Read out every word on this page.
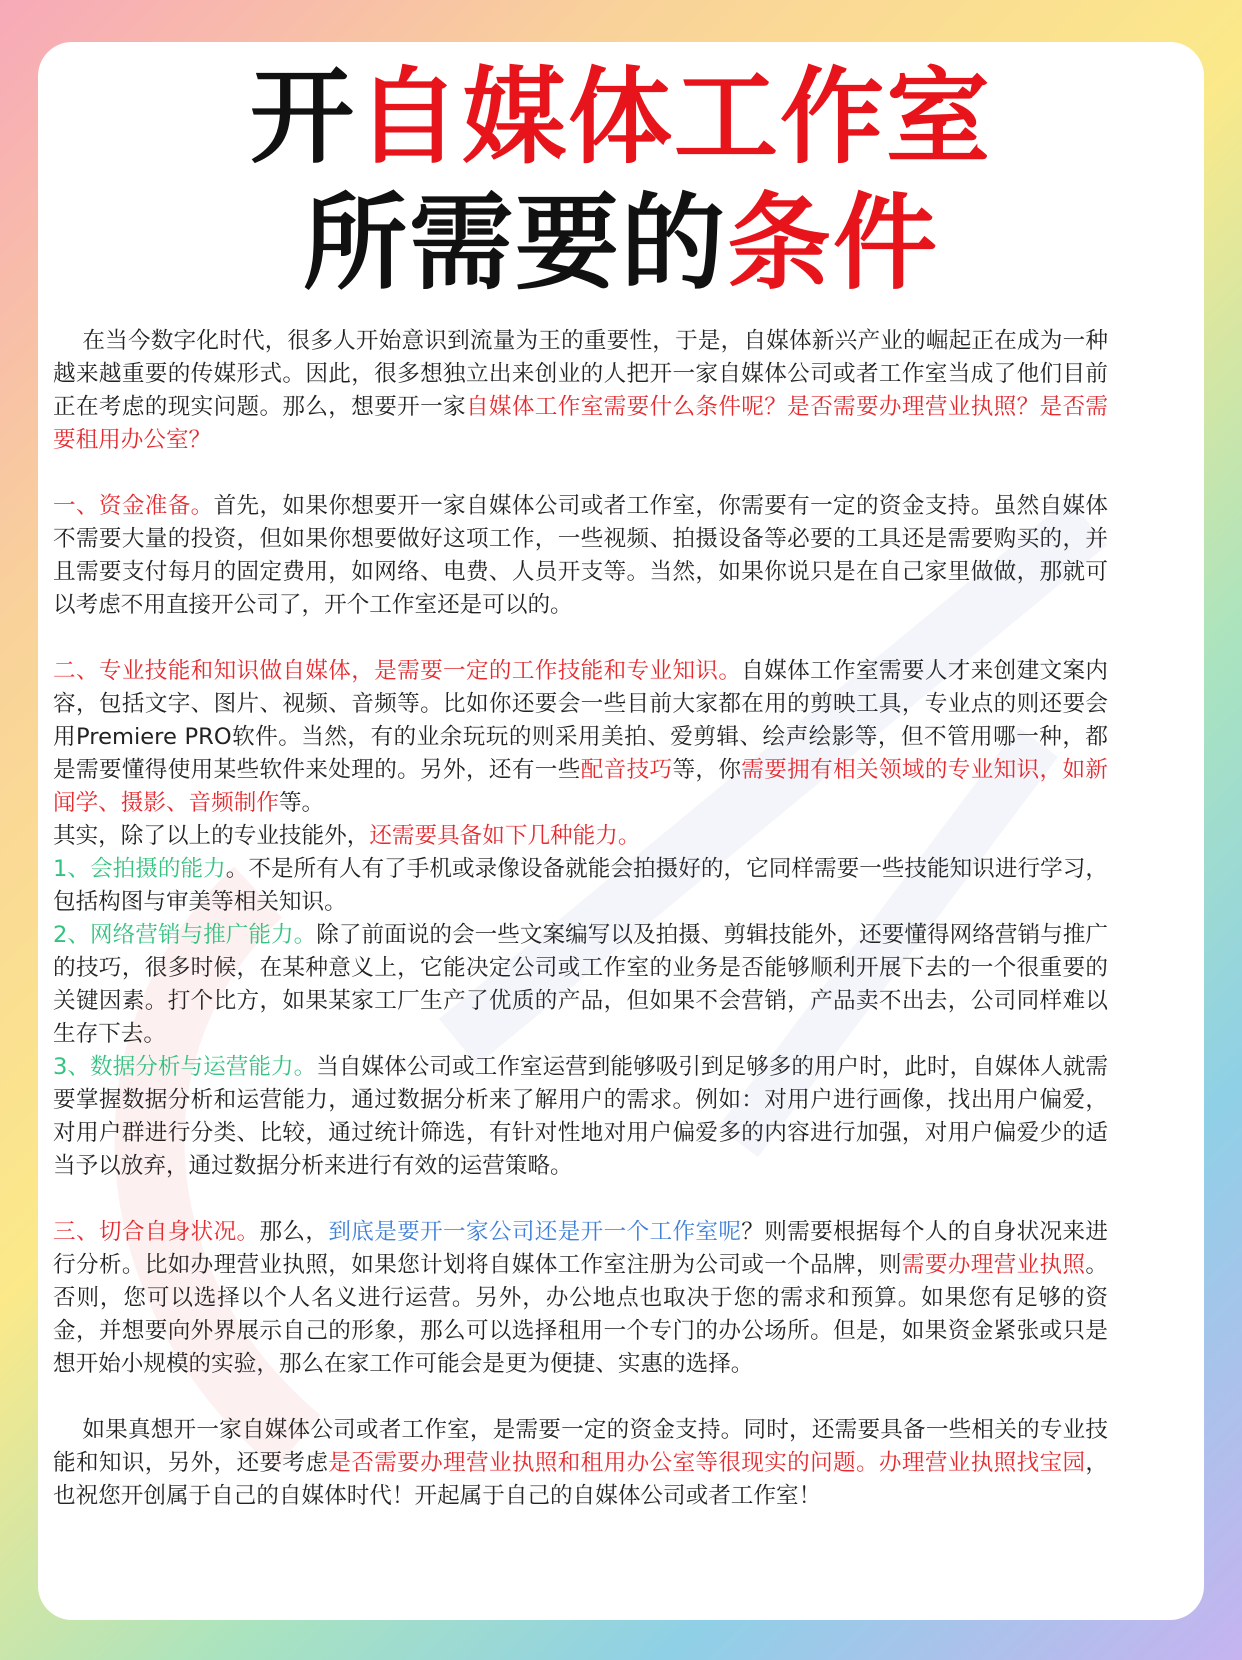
开自媒体工作室
所需要的条件

在当今数字化时代，很多人开始意识到流量为王的重要性，于是，自媒体新兴产业的崛起正在成为一种越来越重要的传媒形式。因此，很多想独立出来创业的人把开一家自媒体公司或者工作室当成了他们目前正在考虑的现实问题。那么，想要开一家自媒体工作室需要什么条件呢？是否需要办理营业执照？是否需要租用办公室？

一、资金准备。首先，如果你想要开一家自媒体公司或者工作室，你需要有一定的资金支持。虽然自媒体不需要大量的投资，但如果你想要做好这项工作，一些视频、拍摄设备等必要的工具还是需要购买的，并且需要支付每月的固定费用，如网络、电费、人员开支等。当然，如果你说只是在自己家里做做，那就可以考虑不用直接开公司了，开个工作室还是可以的。

二、专业技能和知识做自媒体，是需要一定的工作技能和专业知识。自媒体工作室需要人才来创建文案内容，包括文字、图片、视频、音频等。比如你还要会一些目前大家都在用的剪映工具，专业点的则还要会用Premiere PRO软件。当然，有的业余玩玩的则采用美拍、爱剪辑、绘声绘影等，但不管用哪一种，都是需要懂得使用某些软件来处理的。另外，还有一些配音技巧等，你需要拥有相关领域的专业知识，如新闻学、摄影、音频制作等。

其实，除了以上的专业技能外，还需要具备如下几种能力。

1、会拍摄的能力。不是所有人有了手机或录像设备就能会拍摄好的，它同样需要一些技能知识进行学习，包括构图与审美等相关知识。

2、网络营销与推广能力。除了前面说的会一些文案编写以及拍摄、剪辑技能外，还要懂得网络营销与推广的技巧，很多时候，在某种意义上，它能决定公司或工作室的业务是否能够顺利开展下去的一个很重要的关键因素。打个比方，如果某家工厂生产了优质的产品，但如果不会营销，产品卖不出去，公司同样难以生存下去。

3、数据分析与运营能力。当自媒体公司或工作室运营到能够吸引到足够多的用户时，此时，自媒体人就需要掌握数据分析和运营能力，通过数据分析来了解用户的需求。例如：对用户进行画像，找出用户偏爱，对用户群进行分类、比较，通过统计筛选，有针对性地对用户偏爱多的内容进行加强，对用户偏爱少的适当予以放弃，通过数据分析来进行有效的运营策略。

三、切合自身状况。那么，到底是要开一家公司还是开一个工作室呢？则需要根据每个人的自身状况来进行分析。比如办理营业执照，如果您计划将自媒体工作室注册为公司或一个品牌，则需要办理营业执照。否则，您可以选择以个人名义进行运营。另外，办公地点也取决于您的需求和预算。如果您有足够的资金，并想要向外界展示自己的形象，那么可以选择租用一个专门的办公场所。但是，如果资金紧张或只是想开始小规模的实验，那么在家工作可能会是更为便捷、实惠的选择。

如果真想开一家自媒体公司或者工作室，是需要一定的资金支持。同时，还需要具备一些相关的专业技能和知识，另外，还要考虑是否需要办理营业执照和租用办公室等很现实的问题。办理营业执照找宝园，也祝您开创属于自己的自媒体时代！开起属于自己的自媒体公司或者工作室！
